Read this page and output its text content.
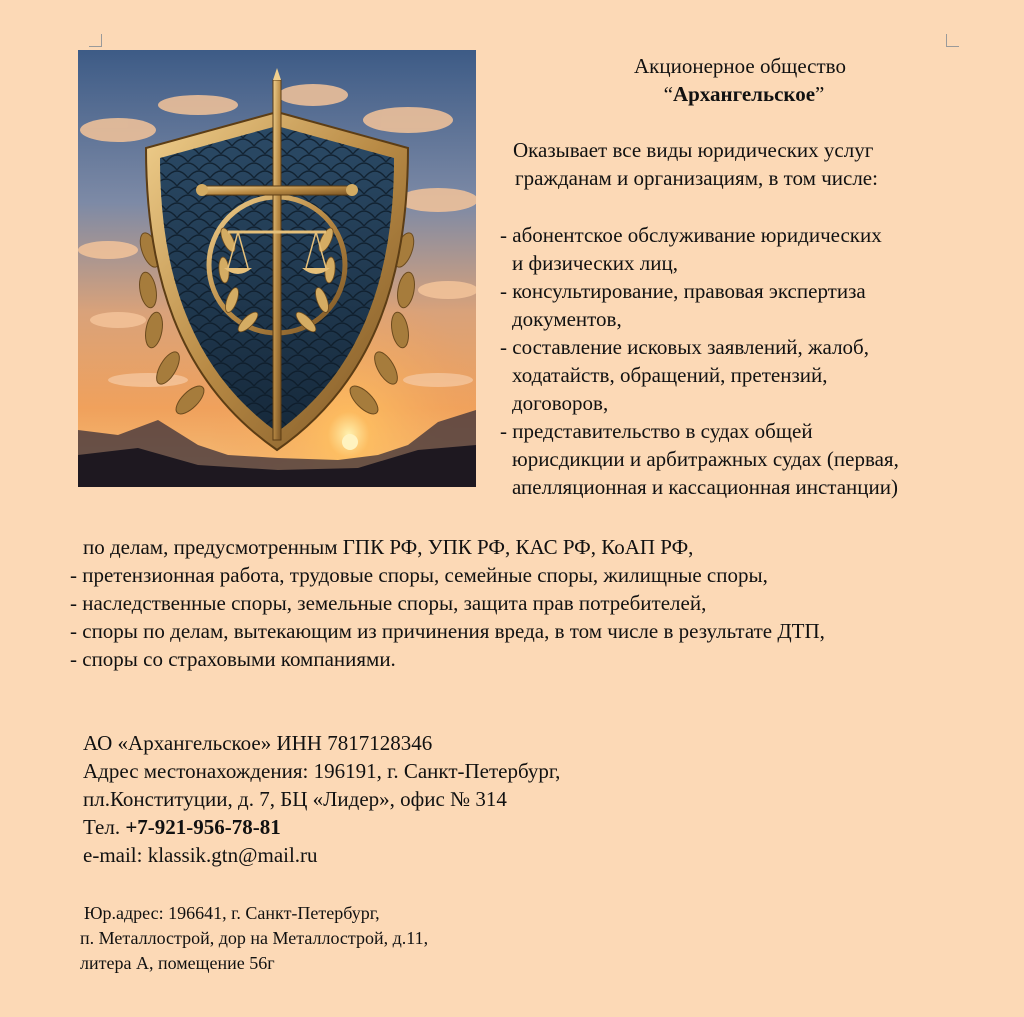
Акционерное общество
“Архангельское”
Оказывает все виды юридических услуг
гражданам и организациям, в том числе:
- абонентское обслуживание юридических
и физических лиц,
- консультирование, правовая экспертиза
документов,
- составление исковых заявлений, жалоб,
ходатайств, обращений, претензий,
договоров,
- представительство в судах общей
юрисдикции и арбитражных судах (первая,
апелляционная и кассационная инстанции)
по делам, предусмотренным ГПК РФ, УПК РФ, КАС РФ, КоАП РФ,
- претензионная работа, трудовые споры, семейные споры, жилищные споры,
- наследственные споры, земельные споры, защита прав потребителей,
- споры по делам, вытекающим из причинения вреда, в том числе в результате ДТП,
- споры со страховыми компаниями.
АО «Архангельское» ИНН 7817128346
Адрес местонахождения: 196191, г. Санкт-Петербург,
пл.Конституции, д. 7, БЦ «Лидер», офис № 314
Тел. +7-921-956-78-81
e-mail: klassik.gtn@mail.ru
Юр.адрес: 196641, г. Санкт-Петербург,
п. Металлострой, дор на Металлострой, д.11,
литера А, помещение 56г
